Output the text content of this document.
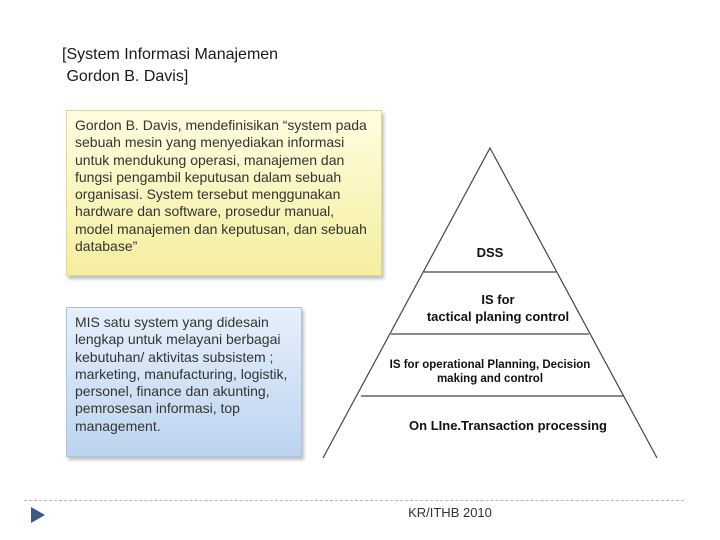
[System Informasi Manajemen
Gordon B. Davis]

Gordon B. Davis, mendefinisikan “system pada sebuah mesin yang menyediakan informasi untuk mendukung operasi, manajemen dan fungsi pengambil keputusan dalam sebuah organisasi. System tersebut menggunakan hardware dan software, prosedur manual, model manajemen dan keputusan, dan sebuah database”

MIS satu system yang didesain lengkap untuk melayani berbagai kebutuhan/ aktivitas subsistem ; marketing, manufacturing, logistik, personel, finance dan akunting, pemrosesan informasi, top management.

DSS
IS for
tactical planing control
IS for operational Planning, Decision
making and control
On LIne.Transaction processing
KR/ITHB 2010
